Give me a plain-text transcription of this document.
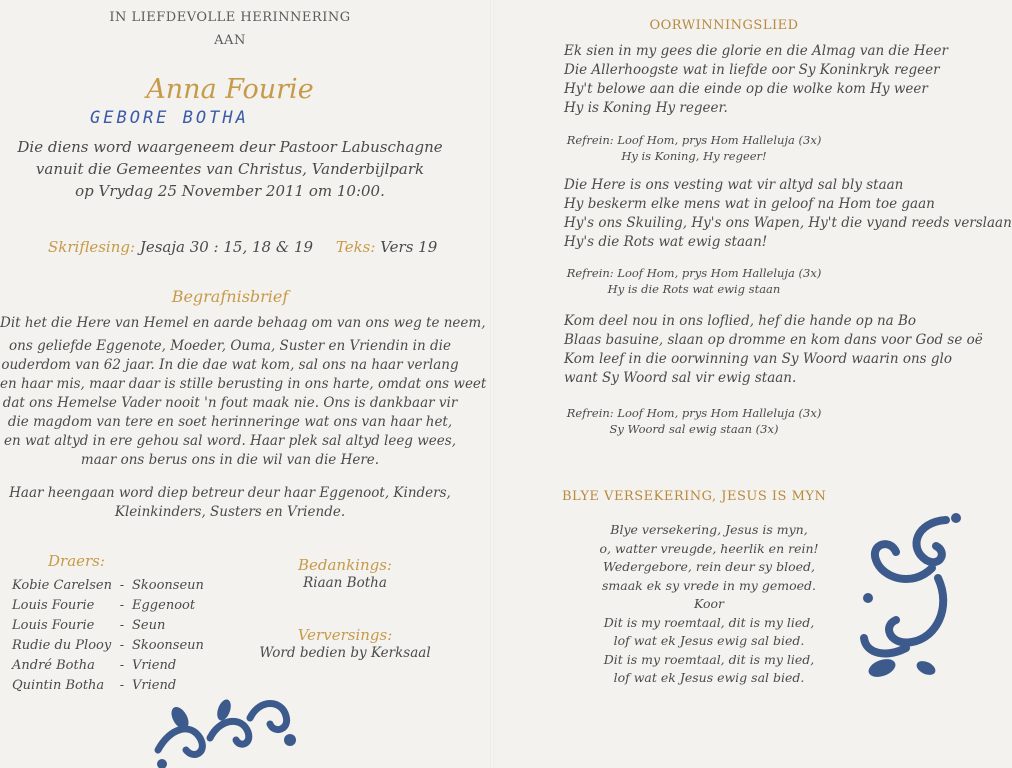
IN LIEFDEVOLLE HERINNERING
AAN
Anna Fourie
GEBORE BOTHA
Die diens word waargeneem deur Pastoor Labuschagne
vanuit die Gemeentes van Christus, Vanderbijlpark
op Vrydag 25 November 2011 om 10:00.
Skriflesing: Jesaja 30 : 15, 18 & 19 Teks: Vers 19
Begrafnisbrief
Dit het die Here van Hemel en aarde behaag om van ons weg te neem,
ons geliefde Eggenote, Moeder, Ouma, Suster en Vriendin in die
ouderdom van 62 jaar. In die dae wat kom, sal ons na haar verlang
en haar mis, maar daar is stille berusting in ons harte, omdat ons weet
dat ons Hemelse Vader nooit 'n fout maak nie. Ons is dankbaar vir
die magdom van tere en soet herinneringe wat ons van haar het,
en wat altyd in ere gehou sal word. Haar plek sal altyd leeg wees,
maar ons berus ons in die wil van die Here.
Haar heengaan word diep betreur deur haar Eggenoot, Kinders,
Kleinkinders, Susters en Vriende.
Draers:
Kobie Carelsen - Skoonseun
Louis Fourie	- Eggenoot
Louis Fourie	- Seun
Rudie du Plooy - Skoonseun
André Botha	- Vriend
Quintin Botha	- Vriend
Bedankings:
Riaan Botha
Verversings:
Word bedien by Kerksaal
OORWINNINGSLIED
Ek sien in my gees die glorie en die Almag van die Heer
Die Allerhoogste wat in liefde oor Sy Koninkryk regeer
Hy't belowe aan die einde op die wolke kom Hy weer
Hy is Koning Hy regeer.
Refrein: Loof Hom, prys Hom Halleluja (3x)
Hy is Koning, Hy regeer!
Die Here is ons vesting wat vir altyd sal bly staan
Hy beskerm elke mens wat in geloof na Hom toe gaan
Hy's ons Skuiling, Hy's ons Wapen, Hy't die vyand reeds verslaan
Hy's die Rots wat ewig staan!
Refrein: Loof Hom, prys Hom Halleluja (3x)
Hy is die Rots wat ewig staan
Kom deel nou in ons loflied, hef die hande op na Bo
Blaas basuine, slaan op dromme en kom dans voor God se oë
Kom leef in die oorwinning van Sy Woord waarin ons glo
want Sy Woord sal vir ewig staan.
Refrein: Loof Hom, prys Hom Halleluja (3x)
Sy Woord sal ewig staan (3x)
BLYE VERSEKERING, JESUS IS MYN
Blye versekering, Jesus is myn,
o, watter vreugde, heerlik en rein!
Wedergebore, rein deur sy bloed,
smaak ek sy vrede in my gemoed.
Koor
Dit is my roemtaal, dit is my lied,
lof wat ek Jesus ewig sal bied.
Dit is my roemtaal, dit is my lied,
lof wat ek Jesus ewig sal bied.
